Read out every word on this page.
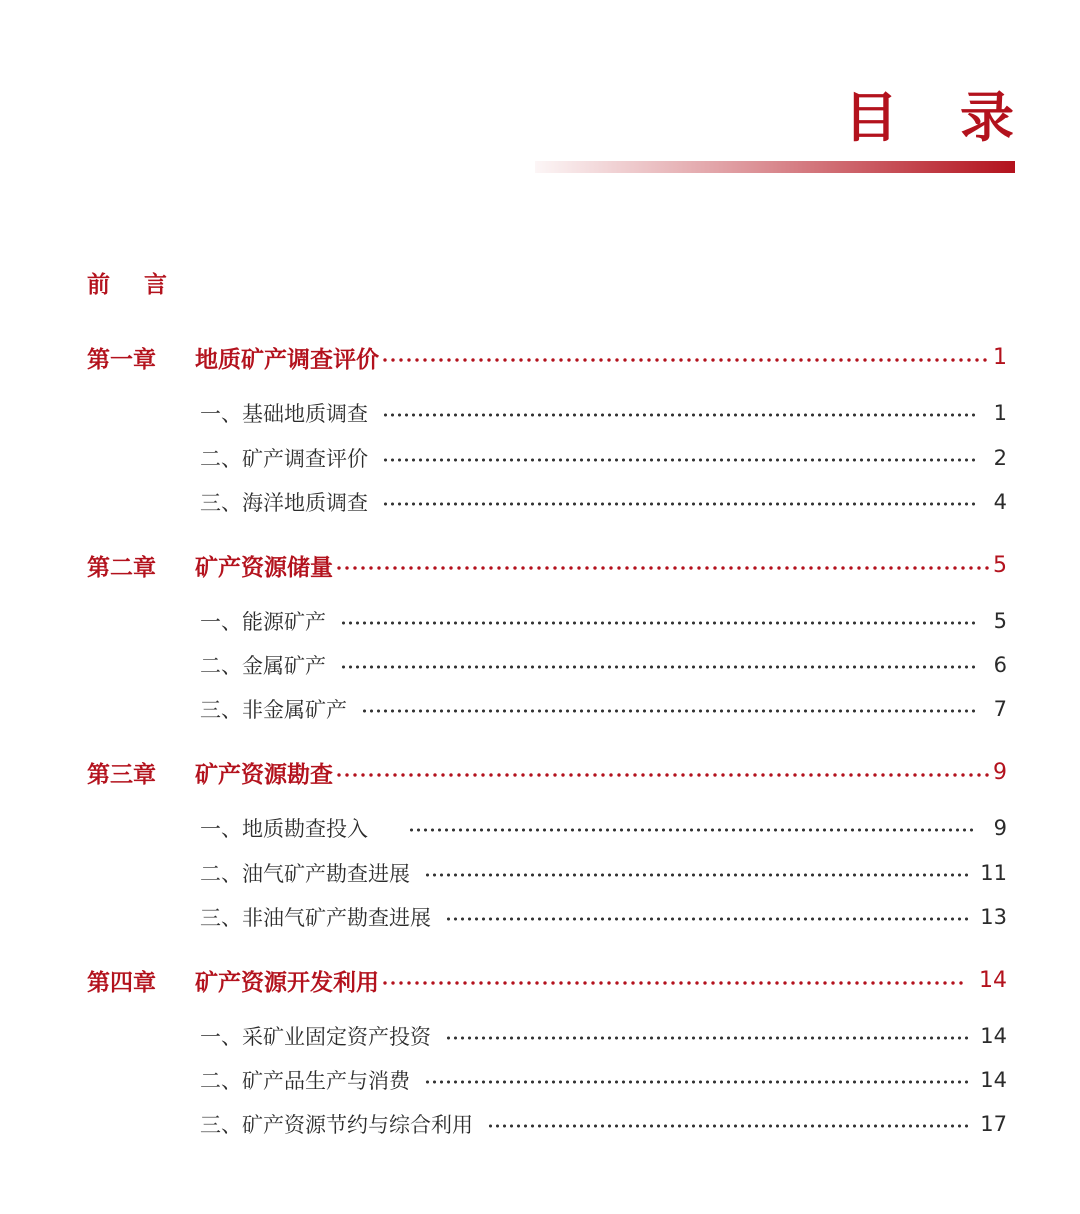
目 录
前 言
第一章	地质矿产调查评价	1
一、基础地质调查	1
二、矿产调查评价	2
三、海洋地质调查	4
第二章	矿产资源储量	5
一、能源矿产	5
二、金属矿产	6
三、非金属矿产	7
第三章	矿产资源勘查	9
一、地质勘查投入	9
二、油气矿产勘查进展	11
三、非油气矿产勘查进展	13
第四章	矿产资源开发利用	14
一、采矿业固定资产投资	14
二、矿产品生产与消费	14
三、矿产资源节约与综合利用	17
